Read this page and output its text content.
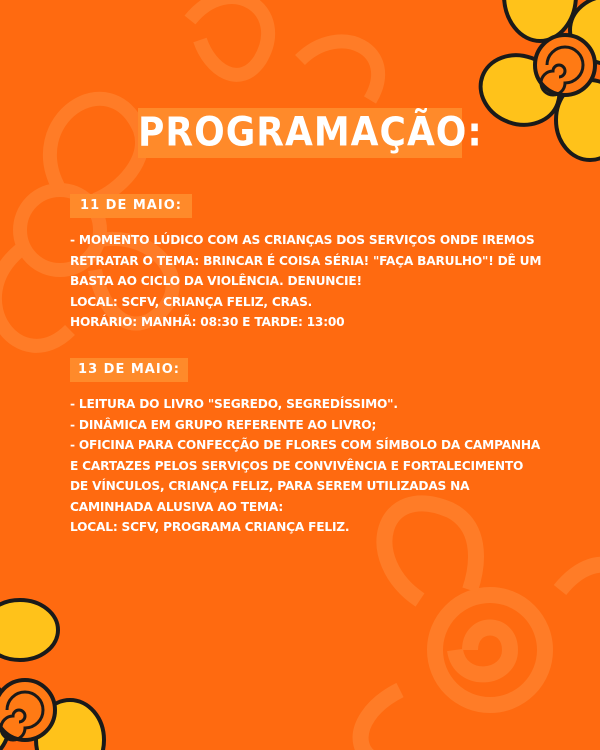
PROGRAMAÇÃO:
11 DE MAIO:
- MOMENTO LÚDICO COM AS CRIANÇAS DOS SERVIÇOS ONDE IREMOS
RETRATAR O TEMA: BRINCAR É COISA SÉRIA! "FAÇA BARULHO"! DÊ UM
BASTA AO CICLO DA VIOLÊNCIA. DENUNCIE!
LOCAL: SCFV, CRIANÇA FELIZ, CRAS.
HORÁRIO: MANHÃ: 08:30 E TARDE: 13:00
13 DE MAIO:
- LEITURA DO LIVRO "SEGREDO, SEGREDÍSSIMO".
- DINÂMICA EM GRUPO REFERENTE AO LIVRO;
- OFICINA PARA CONFECÇÃO DE FLORES COM SÍMBOLO DA CAMPANHA
E CARTAZES PELOS SERVIÇOS DE CONVIVÊNCIA E FORTALECIMENTO
DE VÍNCULOS, CRIANÇA FELIZ, PARA SEREM UTILIZADAS NA
CAMINHADA ALUSIVA AO TEMA:
LOCAL: SCFV, PROGRAMA CRIANÇA FELIZ.
